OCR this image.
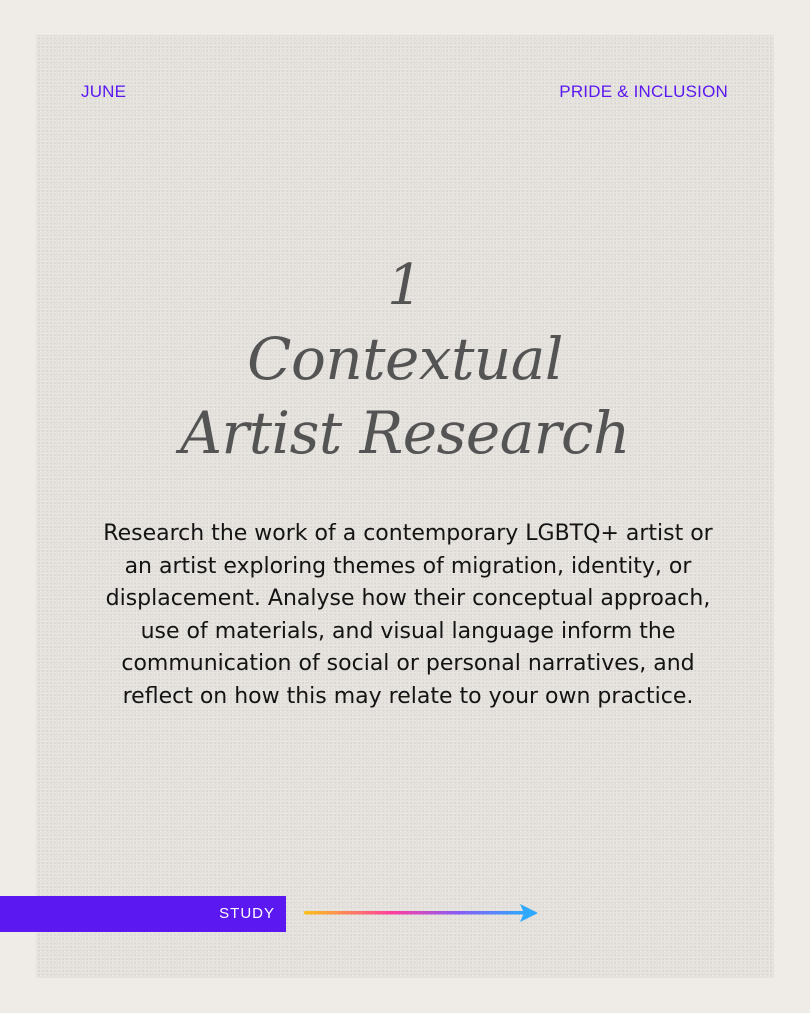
JUNE	PRIDE & INCLUSION
1
Contextual
Artist Research
Research the work of a contemporary LGBTQ+ artist or an artist exploring themes of migration, identity, or displacement. Analyse how their conceptual approach, use of materials, and visual language inform the communication of social or personal narratives, and reflect on how this may relate to your own practice.
STUDY
